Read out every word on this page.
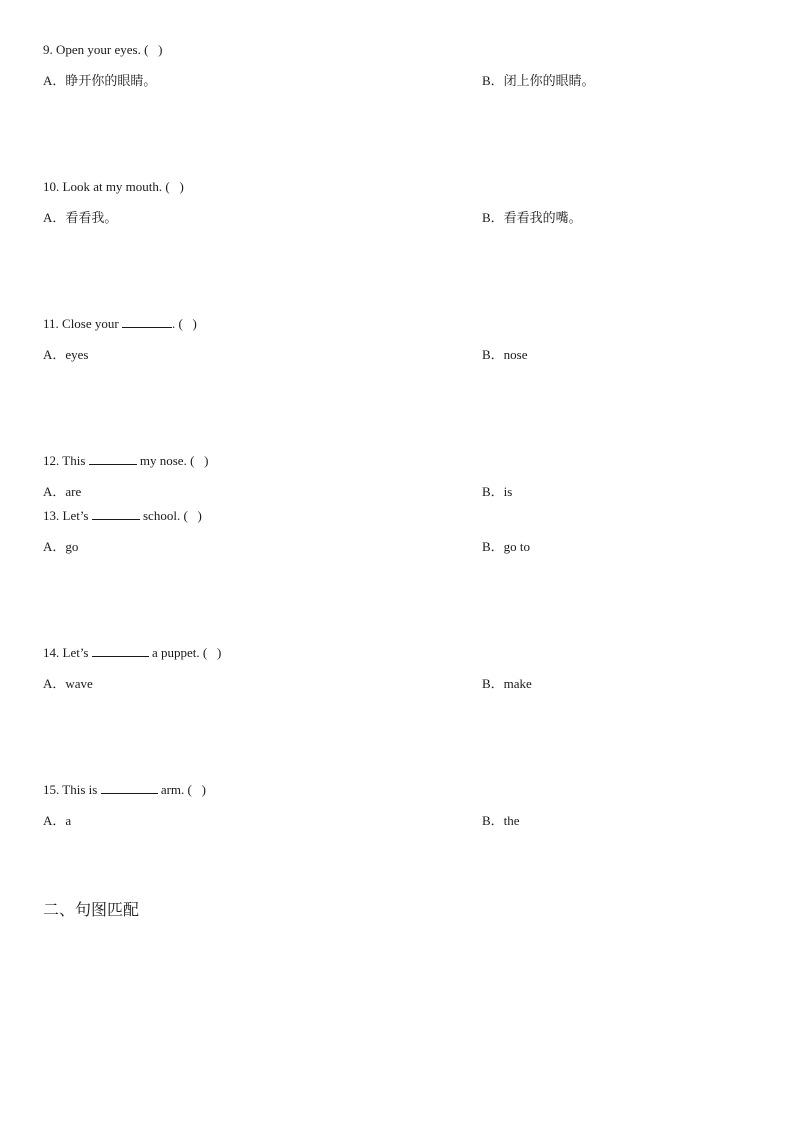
9. Open your eyes. (   )
A．睁开你的眼睛。	B．闭上你的眼睛。
10. Look at my mouth. (   )
A．看看我。	B．看看我的嘴。
11. Close your	. (   )
A．eyes	B．nose
12. This	my nose. (   )
A．are	B．is
13. Let’s	school. (   )
A．go	B．go to
14. Let’s	a puppet. (   )
A．wave	B．make
15. This is	arm. (   )
A．a	B．the
二、句图匹配
